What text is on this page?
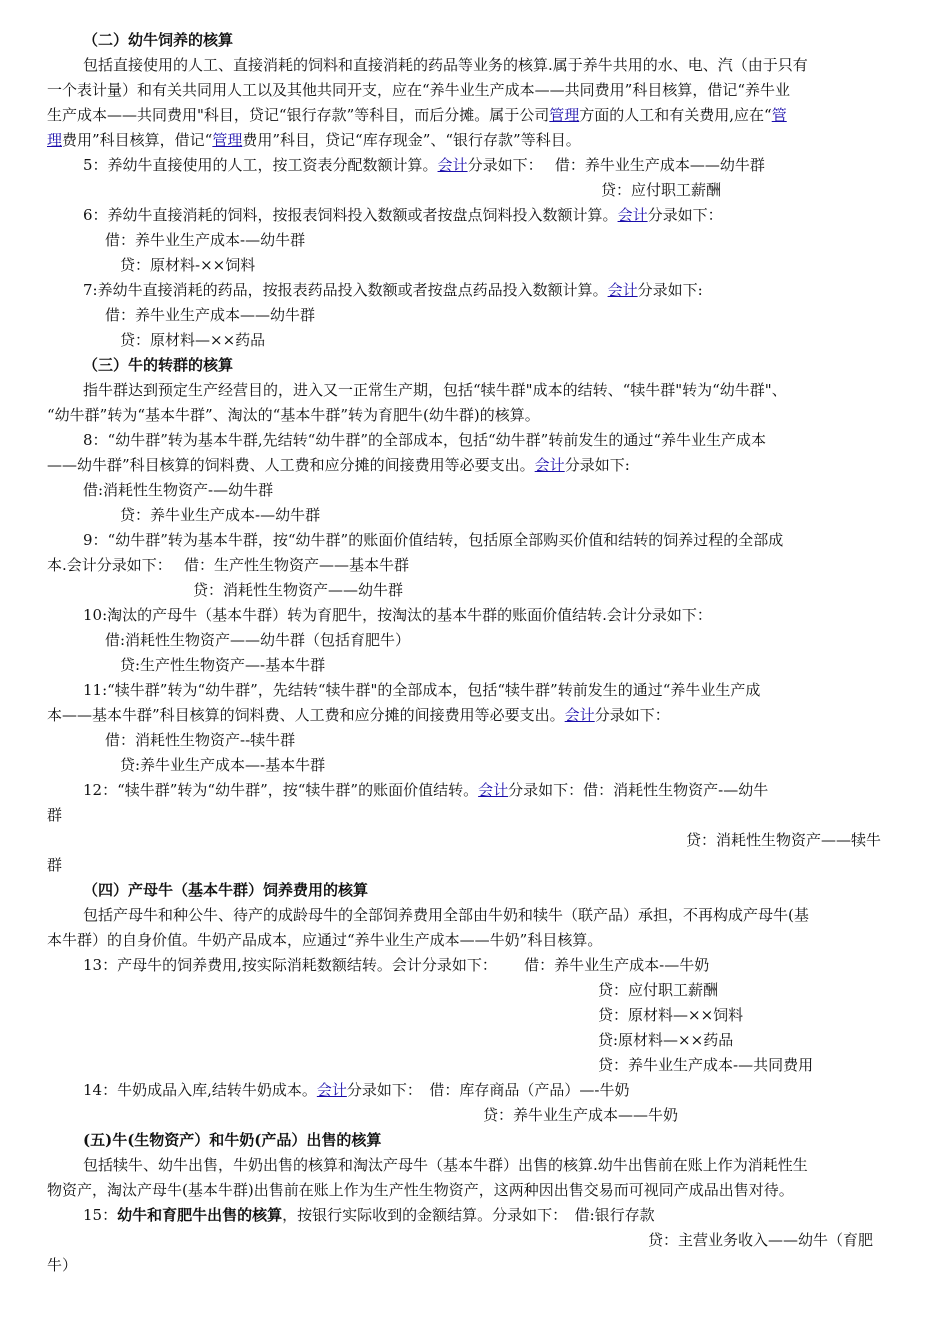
（二）幼牛饲养的核算
包括直接使用的人工、直接消耗的饲料和直接消耗的药品等业务的核算.属于养牛共用的水、电、汽（由于只有
一个表计量）和有关共同用人工以及其他共同开支，应在“养牛业生产成本——共同费用”科目核算，借记“养牛业
生产成本——共同费用"科目，贷记“银行存款”等科目，而后分摊。属于公司管理方面的人工和有关费用,应在“管
理费用”科目核算，借记“管理费用”科目，贷记“库存现金”、“银行存款”等科目。
5：养幼牛直接使用的人工，按工资表分配数额计算。会计分录如下：　 借：养牛业生产成本——幼牛群
贷：应付职工薪酬
6：养幼牛直接消耗的饲料，按报表饲料投入数额或者按盘点饲料投入数额计算。会计分录如下：
借：养牛业生产成本-—幼牛群
贷：原材料-××饲料
7:养幼牛直接消耗的药品，按报表药品投入数额或者按盘点药品投入数额计算。会计分录如下:
借：养牛业生产成本——幼牛群
贷：原材料—××药品
（三）牛的转群的核算
指牛群达到预定生产经营目的，进入又一正常生产期，包括“犊牛群"成本的结转、“犊牛群"转为“幼牛群"、
“幼牛群”转为“基本牛群”、淘汰的“基本牛群”转为育肥牛(幼牛群)的核算。
8：“幼牛群”转为基本牛群,先结转“幼牛群”的全部成本，包括“幼牛群”转前发生的通过“养牛业生产成本
——幼牛群”科目核算的饲料费、人工费和应分摊的间接费用等必要支出。会计分录如下:
借:消耗性生物资产-—幼牛群
贷：养牛业生产成本-—幼牛群
9：“幼牛群”转为基本牛群，按“幼牛群”的账面价值结转，包括原全部购买价值和结转的饲养过程的全部成
本.会计分录如下：　 借：生产性生物资产——基本牛群
贷：消耗性生物资产——幼牛群
10:淘汰的产母牛（基本牛群）转为育肥牛，按淘汰的基本牛群的账面价值结转.会计分录如下：
借:消耗性生物资产——幼牛群（包括育肥牛）
贷:生产性生物资产—-基本牛群
11:“犊牛群”转为“幼牛群”，先结转“犊牛群"的全部成本，包括“犊牛群”转前发生的通过“养牛业生产成
本——基本牛群”科目核算的饲料费、人工费和应分摊的间接费用等必要支出。会计分录如下：
借：消耗性生物资产--犊牛群
贷:养牛业生产成本—-基本牛群
12：“犊牛群”转为“幼牛群”，按“犊牛群”的账面价值结转。会计分录如下：借：消耗性生物资产-—幼牛
群
贷：消耗性生物资产——犊牛
群
（四）产母牛（基本牛群）饲养费用的核算
包括产母牛和种公牛、待产的成龄母牛的全部饲养费用全部由牛奶和犊牛（联产品）承担，不再构成产母牛(基
本牛群）的自身价值。牛奶产品成本，应通过“养牛业生产成本——牛奶”科目核算。
13：产母牛的饲养费用,按实际消耗数额结转。会计分录如下：　　 借：养牛业生产成本-—牛奶
贷：应付职工薪酬
贷：原材料—××饲料
贷:原材料—××药品
贷：养牛业生产成本-—共同费用
14：牛奶成品入库,结转牛奶成本。会计分录如下：　借：库存商品（产品）—-牛奶
贷：养牛业生产成本——牛奶
(五)牛(生物资产）和牛奶(产品）出售的核算
包括犊牛、幼牛出售，牛奶出售的核算和淘汰产母牛（基本牛群）出售的核算.幼牛出售前在账上作为消耗性生
物资产，淘汰产母牛(基本牛群)出售前在账上作为生产性生物资产，这两种因出售交易而可视同产成品出售对待。
15：幼牛和育肥牛出售的核算，按银行实际收到的金额结算。分录如下：　借:银行存款
贷：主营业务收入——幼牛（育肥
牛）
